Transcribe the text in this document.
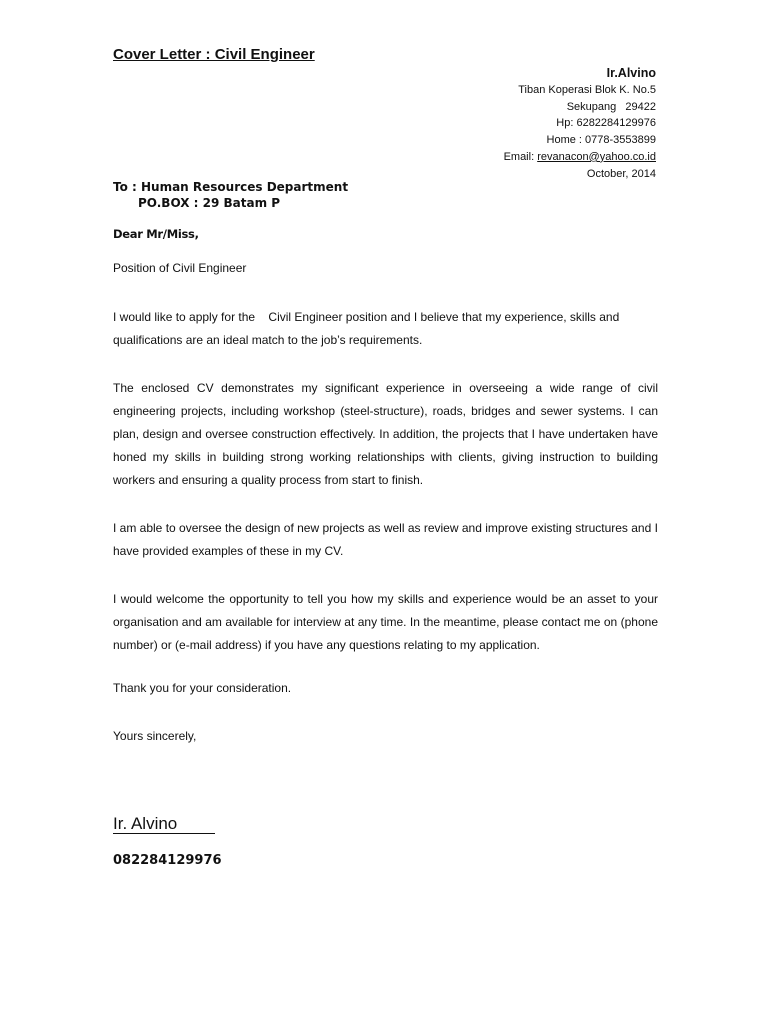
Cover Letter : Civil Engineer
Ir.Alvino
Tiban Koperasi Blok K. No.5
Sekupang   29422
Hp: 6282284129976
Home : 0778-3553899
Email: revanacon@yahoo.co.id
October, 2014
To : Human Resources Department
PO.BOX : 29 Batam P
Dear Mr/Miss,
Position of Civil Engineer

I would like to apply for the    Civil Engineer position and I believe that my experience, skills and qualifications are an ideal match to the job’s requirements.

The enclosed CV demonstrates my significant experience in overseeing a wide range of civil engineering projects, including workshop (steel-structure), roads, bridges and sewer systems. I can plan, design and oversee construction effectively. In addition, the projects that I have undertaken have honed my skills in building strong working relationships with clients, giving instruction to building workers and ensuring a quality process from start to finish.

I am able to oversee the design of new projects as well as review and improve existing structures and I have provided examples of these in my CV.

I would welcome the opportunity to tell you how my skills and experience would be an asset to your organisation and am available for interview at any time. In the meantime, please contact me on (phone number) or (e-mail address) if you have any questions relating to my application.

Thank you for your consideration.
Yours sincerely,
Ir. Alvino
082284129976
